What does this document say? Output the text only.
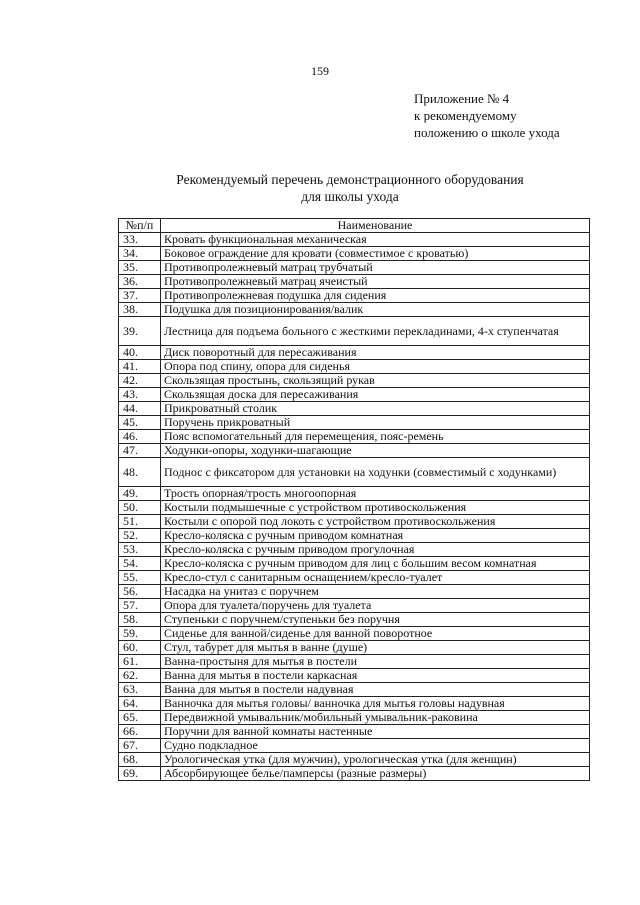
159
Приложение № 4
к рекомендуемому
положению о школе ухода
Рекомендуемый перечень демонстрационного оборудования
для школы ухода
№п/п	Наименование
33.	Кровать функциональная механическая
34.	Боковое ограждение для кровати (совместимое с кроватью)
35.	Противопролежневый матрац трубчатый
36.	Противопролежневый матрац ячеистый
37.	Противопролежневая подушка для сидения
38.	Подушка для позиционирования/валик
39.	Лестница для подъема больного с жесткими перекладинами, 4-х ступенчатая
40.	Диск поворотный для пересаживания
41.	Опора под спину, опора для сиденья
42.	Скользящая простынь, скользящий рукав
43.	Скользящая доска для пересаживания
44.	Прикроватный столик
45.	Поручень прикроватный
46.	Пояс вспомогательный для перемещения, пояс-ремень
47.	Ходунки-опоры, ходунки-шагающие
48.	Поднос с фиксатором для установки на ходунки (совместимый с ходунками)
49.	Трость опорная/трость многоопорная
50.	Костыли подмышечные с устройством противоскольжения
51.	Костыли с опорой под локоть с устройством противоскольжения
52.	Кресло-коляска с ручным приводом комнатная
53.	Кресло-коляска с ручным приводом прогулочная
54.	Кресло-коляска с ручным приводом для лиц с большим весом комнатная
55.	Кресло-стул с санитарным оснащением/кресло-туалет
56.	Насадка на унитаз с поручнем
57.	Опора для туалета/поручень для туалета
58.	Ступеньки с поручнем/ступеньки без поручня
59.	Сиденье для ванной/сиденье для ванной поворотное
60.	Стул, табурет для мытья в ванне (душе)
61.	Ванна-простыня для мытья в постели
62.	Ванна для мытья в постели каркасная
63.	Ванна для мытья в постели надувная
64.	Ванночка для мытья головы/ ванночка для мытья головы надувная
65.	Передвижной умывальник/мобильный умывальник-раковина
66.	Поручни для ванной комнаты настенные
67.	Судно подкладное
68.	Урологическая утка (для мужчин), урологическая утка (для женщин)
69.	Абсорбирующее белье/памперсы (разные размеры)
